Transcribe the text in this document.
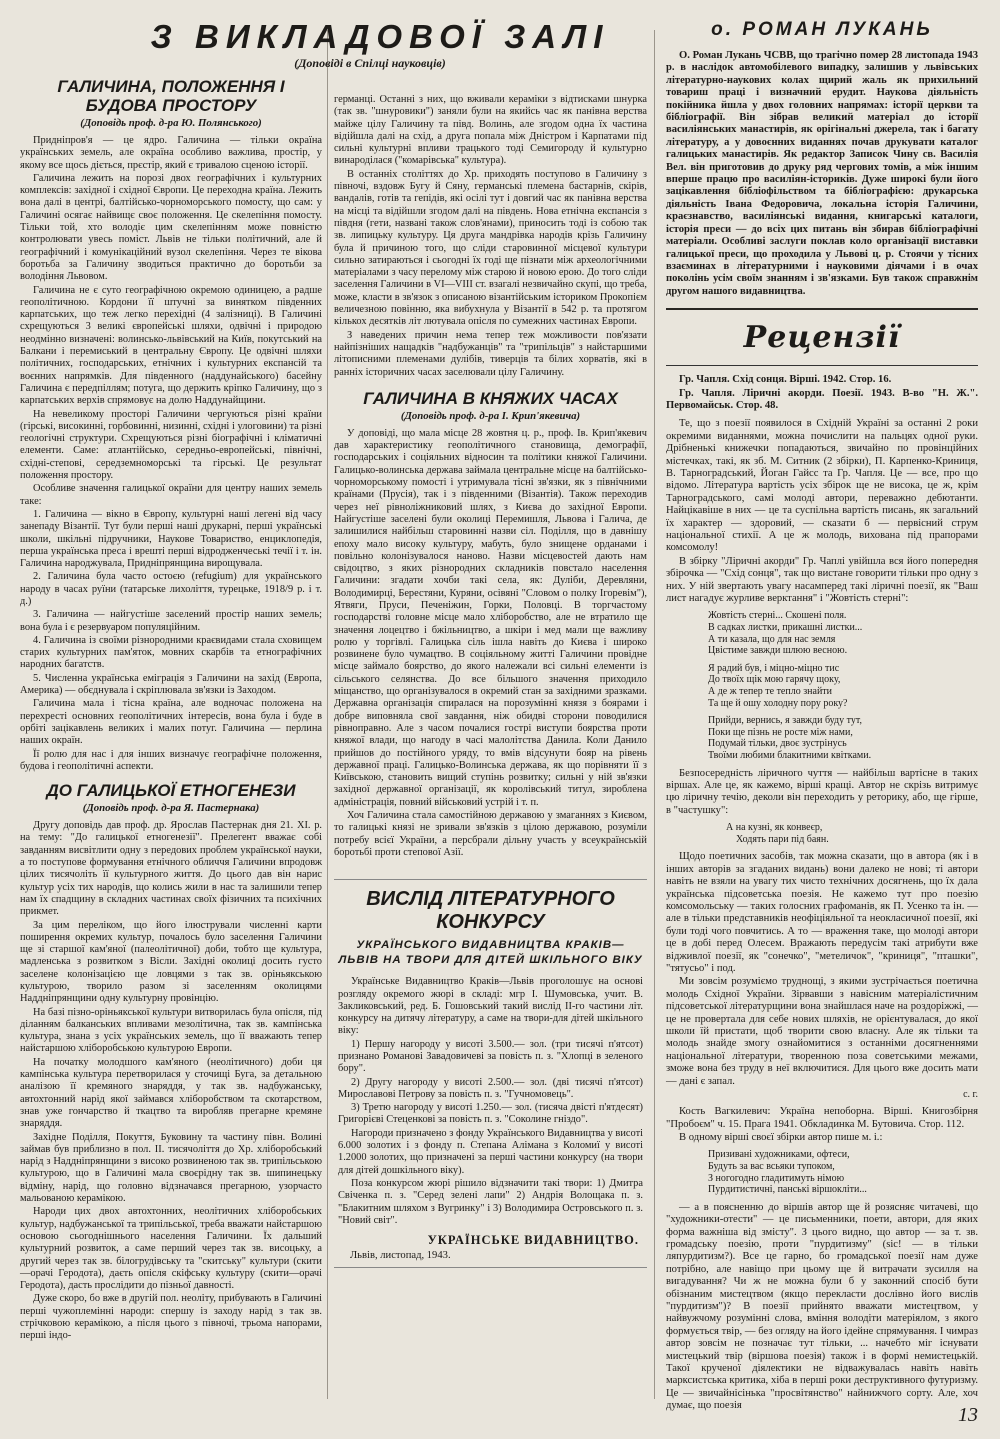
З ВИКЛАДОВОЇ ЗАЛІ
(Доповіді в Спілці науковців)
ГАЛИЧИНА, ПОЛОЖЕННЯ І БУДОВА ПРОСТОРУ
(Доповідь проф. д-ра Ю. Полянського)

Придніпров'я — це ядро. Галичина — тільки окраїна українських земель, але окраїна особливо важлива, простір, у якому все щось діється, прєстір, який є тривалою сценою історії.

Галичина лежить на порозі двох географічних і культурних комплексів: західної і східної Європи. Це переходна країна. Лежить вона далі в центрі, балтійсько-чорноморського помосту, що сам: у Галичині осягає найвищє своє положення. Це скелепіння помосту. Тільки той, хто володіє цим скелепінням може повністю контролювати увесь поміст. Львів не тільки політичний, але й географічний і комунікаційний вузол скелепіння. Через те вікова боротьба за Галичину зводиться практично до боротьби за володіння Львовом.

Галичина не є суто географічною окремою одиницею, а радше геополітичною. Кордони її штучні за винятком південних карпатських, що теж легко перехідні (4 залізниці). В Галичині схрещуються 3 великі європейські шляхи, одвічні і природою неодмінно визначені: волинсько-львівський на Київ, покутський на Балкани і перемиський в центральну Європу. Це одвічні шляхи політичних, господарських, етнічних і культурних експансій та воєнних напрямків. Для південного (наддунайського) басейну Галичина є передпіллям; потуга, що держить кріпко Галичину, що з карпатських верхів спрямовує на долю Наддунайщини.

На невеликому просторі Галичини чергуються різні країни (гірські, високинні, горбовинні, низинні, східні і улоговини) та різні геологічні структури. Схрещуються різні біогрaфічні і кліматичні елементи. Саме: атлантійсько, середньо-европейські, північні, східні-степові, середземноморські та гірські. Це результат положення простору.

Особливе значення галицької окраїни для центру наших земель таке:

1. Галичина — вікно в Європу, культурні наші легені від часу занепаду Візантії. Тут були перші наші друкарні, перші українські школи, шкільні підручники, Наукове Товариство, енциклопедія, перша українська преса і врешті перші відродженчеські течії і т. ін. Галичина народжувала, Придніпрянщина вирощувала.

2. Галичина була часто остоєю (refugium) для українського народу в часах руїни (татарське лихоліття, турецьке, 1918/9 р. і т. д.)

3. Галичина — найгустіше заселений простір наших земель; вона була і є резервуаром популяційним.

4. Галичина із своїми різнородними краєвидами стала сховищем старих культурних пам'яток, мовних скарбів та етнографічних народних багатств.

5. Численна українська еміграція з Галичини на захід (Европа, Америка) — обєднувала і скріплювала зв'язки із Заходом.

Галичина мала і тісна країна, але водночас положена на перехресті основних геополітичних інтересів, вона була і буде в орбіті зацікавлень великих і малих потуг. Галичина — перлина наших окраїн.

Її ролю для нас і для інших визначує географічне положення, будова і геополітичні аспекти.

ДО ГАЛИЦЬКОЇ ЕТНОГЕНЕЗИ
(Доповідь проф. д-ра Я. Пастернака)

Другу доповідь дав проф. др. Ярослав Пастернак дня 21. XI. р. на тему: "До галицької етногенезії". Прелегент вважає собі завданням висвітлити одну з передових проблем української науки, а то поступове формування етнічного обличчя Галичини впродовж цілих тисячоліть її культурного життя. До цього дав він нарис культур усіх тих народів, що колись жили в нас та залишили тепер нам їх спадщину в складних частинах своїх фізичних та психічних прикмет.

За цим переліком, що його ілюстрували численні карти поширення окремих культур, почалось було заселення Галичини ще зі старшої кам'яної (палеолітичної) доби, тобто ще культура, мадленська з розвитком з Вісли. Західні околиці досить густо заселене колонізацією ще ловцями з так зв. оріньякською культурою, творило разом зі заселенням околицями Наддніпрянщини одну культурну провінцію.

На базі пізно-оріньякської культури витворилась була опісля, під діланням балканських впливами мезолітична, так зв. кампінська культура, знана з усіх українських земель, що її вважають тепер найстаршою хліборобською культурою Европи.

На початку молодшого кам'яного (неолітичного) доби ця кампінська культура перетворилася у сточищі Буга, за детальною аналізою її кремяного знаряддя, у так зв. надбужанську, автохтонний нарід якої займався хліборобством та скотарством, знав уже гончарство й ткацтво та виробляв прегарне кремяне знаряддя.

Західне Поділля, Покуття, Буковину та частину півн. Волині займав був приблизно в пол. II. тисячоліття до Хр. хліборобський нарід з Наддніпрянщини з високо розвиненою так зв. трипільською культурою, що в Галичині мала своєрідну так зв. шипинецьку відміну, нарід, що головно відзначався прегарною, узорчасто мальованою керамікою.

Народи цих двох автохтонних, неолітичних хліборобських культур, надбужанської та трипільської, треба вважати найстаршою основою сьогоднішнього населення Галичини. Їх дальший культурний розвиток, а саме перший через так зв. висоцьку, а другий через так зв. білогрудівську та "скитську" культури (скити—орачі Геродота), даєть опісля скіфську культуру (скити—орачі Геродота), дасть прослідити до пізньої давності.

Дуже скоро, бо вже в другій пол. неоліту, прибувають в Галичині перші чужоплемінні народи: спершу із заходу нарід з так зв. стрічковою керамікою, а після цього з півночі, трьома напорами, перші індо-

германці. Останні з них, що вживали кераміки з відтисками шнурка (так зв. "шнуровики") заняли були на якийсь час як панівна верства майже цілу Галичину та півд. Волинь, але згодом одна їх частина відійшла далі на схід, а друга попала між Дністром і Карпатами під сильні культурні впливи трацького тоді Семигороду й культурно винароділася ("комарівська" культура).

В останніх століттях до Хр. приходять поступово в Галичину з півночі, вздовж Бугу й Сяну, германські племена бастарнів, скірів, вандалів, готів та гепідів, які осілі тут і довгий час як панівна верства на місці та відійшли згодом далі на південь. Нова етнічна експансія з півдня (гети, названі також слов'янами), приносить тоді із собою так зв. липицьку культуру. Ця друга мандрівка народів крізь Галичину була й причиною того, що сліди старовинної місцевої культури сильно затираються і сьогодні їх годі ще пізнати між археологічними матеріалами з часу перелому між старою й новою ерою. До того сліди заселення Галичини в VI—VIII ст. взагалі незвичайно скупі, що треба, може, класти в зв'язок з описаною візантійським істориком Прокопієм величезною повінню, яка вибухнула у Візантії в 542 р. та протягом кількох десятків літ лютувала опісля по сумежних частинах Европи.

З наведених причин нема тепер теж можливости пов'язати найпізніших нащадків "надбужанців" та "трипільців" з найстаршими літописними племенами дулібів, тиверців та білих хорватів, які в ранніх історичних часах заселювали цілу Галичину.

ГАЛИЧИНА В КНЯЖИХ ЧАСАХ
(Доповідь проф. д-ра І. Крип'якевича)

У доповіді, що мала місце 28 жовтня ц. р., проф. Ів. Крип'якевич дав характеристику геополітичного становища, демографії, господарських і соціяльних відносин та політики княжої Галичини. Галицько-волинська держава займала центральне місце на балтійсько-чорноморському помості і утримувала тісні зв'язки, як з північними країнами (Прусія), так і з південними (Візантія). Також переходив через неї рівноліжниковий шлях, з Києва до західної Европи. Найгустіше заселені були околиці Перемишля, Львова і Галича, де залишилися найбільш старовинні назви сіл. Поділля, що в давнішу епоху мало високу культуру, мабуть, було знищене орданами і повільно колонізувалося наново. Назви місцевостей дають нам свідоцтво, з яких різнородних складників повстало населення Галичини: згадати хочби такі села, як: Дуліби, Деревляни, Володимирці, Берестяни, Куряни, осівяні "Словом о полку Ігоревім"), Ятвяги, Пруси, Печеніжин, Горки, Половці. В торгчастому господарстві головне місце мало хліборобство, але не втратило ще значення лоцецтво і бжільництво, а шкіри і мед мали ще важливу ролю у торгівлі. Галицька сіль ішла навіть до Києва і широко розвинене було чумацтво. В соціяльному житті Галичини провідне місце займало боярство, до якого належали всі сильні елементи із сільського селянства. До все більшого значення приходило міщанство, що організувалося в окремий стан за західними зразками. Державна організація спиралася на порозумінні князя з боярами і добре виповняла свої завдання, ніж обидві сторони поводилися рівноправно. Але з часом почалися гострі виступи боярства проти княжої влади, що нагоду в часі малолітства Данила. Коли Данило прийшов до постійного уряду, то вмів відсунути бояр на рівень державної праці. Галицько-Волинська держава, як що порівняти її з Київською, становить вищий ступінь розвитку; сильні у ній зв'язки західної державної організації, як королівський титул, зироблена адміністрація, повний військовий устрій і т. п.

Хоч Галичина стала самостійною державою у змаганнях з Києвом, то галицькі князі не зривали зв'язків з цілою державою, розуміли потребу всієї України, а персбрали дільну участь у всеукраїнській боротьбі проти степової Азії.

ВИСЛІД ЛІТЕРАТУРНОГО КОНКУРСУ
УКРАЇНСЬКОГО ВИДАВНИЦТВА КРАКІВ—ЛЬВІВ НА ТВОРИ ДЛЯ ДІТЕЙ ШКІЛЬНОГО ВІКУ

Українське Видавництво Краків—Львів проголошує на основі розгляду окремого жюрі в складі: мгр І. Шумовська, учит. В. Закликовський, ред. Б. Гошовський такий вислід II-го частини літ. конкурсу на дитячу літературу, а саме на твори-для дітей шкільного віку:

1) Першу нагороду у висоті 3.500.— зол. (три тисячі п'ятсот) признано Романові Завадовичеві за повість п. з. "Хлопці в зеленого бору".

2) Другу нагороду у висоті 2.500.— зол. (дві тисячі п'ятсот) Мирославові Петрову за повість п. з. "Гучномовець".

3) Третю нагороду у висоті 1.250.— зол. (тисяча двісті п'ятдесят) Григорієві Стеценкові за повість п. з. "Соколине гніздо".

Нагороди призначено з фонду Українського Видавництва у висоті 6.000 золотих і з фонду п. Степана Алімана з Коломиї у висоті 1.2000 золотих, що призначені за перші частини конкурсу (на твори для дітей дошкільного віку).

Поза конкурсом жюрі рішило відзначити такі твори: 1) Дмитра Свіченка п. з. "Серед зелені лапи" 2) Андрія Волощака п. з. "Блакитним шляхом з Вугринку" і 3) Володимира Островського п. з. "Новий світ".

УКРАЇНСЬКЕ ВИДАВНИЦТВО.
Львів, листопад, 1943.
о. РОМАН ЛУКАНЬ

О. Роман Лукань ЧСВВ, що трагічно помер 28 листопада 1943 р. в наслідок автомобілевого випадку, залишив у львівських літературно-наукових колах щирий жаль як прихильний товариш праці і визначний ерудит. Наукова діяльність покійника йшла у двох головних напрямах: історії церкви та бібліографії. Він зібрав великий матеріал до історії василіянських манастирів, як орігінальні джерела, так і багату літературу, а у довоєнних виданнях почав друкувати каталог галицьких манастирів. Як редактор Записок Чину св. Василія Вел. він приготовив до друку ряд чергових томів, а між іншим вперше працю про василіян-істориків. Дуже широкі були його зацікавлення бібліофільством та бібліографією: друкарська діяльність Івана Федоровича, локальна історія Галичини, краєзнавство, василіянські видання, книгарські каталоги, історія преси — до всіх цих питань він збирав бібліографічні матеріали. Особливі заслуги поклав коло організації виставки галицької преси, що проходила у Львові ц. р. Стоячи у тісних взаєминах в літературними і науковими діячами і в очах поколінь усім своїм знанням і зв'язками. Був також справжнім другом нашого видавництва.

Рецензії

Гр. Чапля. Схід сонця. Вірші. 1942. Стор. 16.

Гр. Чапля. Ліричні акорди. Поезії. 1943. В-во "Н. Ж.". Первомайськ. Стор. 48.

Те, що з поезії появилося в Східній Україні за останні 2 роки окремими виданнями, можна почислити на пальцях одної руки. Дрібненькі книжечки попадаються, звичайно по провінційних містечках, такі, як зб. М. Ситник (2 збірки), П. Карпенко-Криниця, В. Тарноградський, Йоган Гайсс та Гр. Чапля. Це — все, про що відомо. Література вартість усіх збірок ще не висока, це ж, крім Тарноградського, самі молоді автори, переважно дебютанти. Найцікавіше в них — це та суспільна вартість писань, як загальний їх характер — здоровий, — сказати б — первісний струм національної стихії. А це ж молодь, вихована під прапорами комсомолу!

В збірку "Ліричні акорди" Гр. Чаплі увійшла вся його попередня збірочка — "Схід сонця", так що вистане говорити тільки про одну з них. У ній звертають увагу насамперед такі ліричні поезії, як "Ваш лист нагадує журливе верктання" і "Жовтість стерні":

Жовтість стерні... Скошені поля.
В садках листки, прикашні листки...
А ти казала, що для нас земля
Цвістиме завжди шлюю весною.
Я радий був, і міцно-міцно тис
До твоїх щік мою гарячу щоку,
А де ж тепер те тепло знайти
Та ще й ошу холодну пору року?
Прийди, вернись, я завжди буду тут,
Поки ще пізнь не росте між нами,
Подумай тільки, двоє зустрінусь
Твоїми любими блакитними квітками.

Безпосередність ліричного чуття — найбільш вартісне в таких віршах. Але це, як кажемо, вірші кращі. Автор не скрізь витримує цю ліричну течію, деколи він переходить у реторику, або, ще гірше, в "частушку":

А на кузні, як конвеєр,
Ходять пари під баян.

Щодо поетичних засобів, так можна сказати, що в автора (як і в інших авторів за згаданих видань) вони далеко не нові; ті автори навіть не взяли на увагу тих чисто технічних досягнень, що їх дала українська підсоветська поезія. Не кажемо тут про поезію комсомольську — таких голосних графоманів, як П. Усенко та ін. — але в тільки представників неофіціяльної та неокласичної поезії, які були тоді чого повчитись. А то — враження таке, що молоді автори це в добі перед Олесем. Вражають передусім такі атрибути вже відживлої поезії, як "сонечко", "метеличок", "криниця", "пташки", "тятусьо" і под.

Ми зовсім розуміємо труднощі, з якими зустрічається поетична молодь Східної України. Зірвавши з навісним матеріалістичним підсоветської літературщини вона знайшлася наче на роздоріжжі, — це не провертала для себе нових шляхів, не орієнтувалася, до якої школи їй пристати, щоб творити свою власну. Але як тільки та молодь знайде змогу ознайомитися з останніми досягненнями національної літератури, творенною поза советськими межами, зможе вона без труду в неї включитися. Для цього вже досить мати — дані є запал.

с. г.

Кость Вагкилевич: Україна непоборна. Вірші. Книгозбірня "Пробоєм" ч. 15. Прага 1941. Обкладинка М. Бутовича. Стор. 112.

В одному вірші своєї збірки автор пише м. і.:

Призивані художниками, офтеси,
Будуть за вас всьяки тупоком,
З ногогодно гладитимуть німою
Пурдитистичні, панські віршокліти...

— а в поясненню до віршів автор ще й розясняє читачеві, що "художники-отести" — це письменники, поети, автори, для яких форма важніша від змісту". З цього видно, що автор — за т. зв. громадську поезію, проти "пурдитизму" (sic! — в тільки ляпурдитизм?). Все це гарно, бо громадської поезії нам дуже потрібно, але навіщо при цьому ще й витрачати зусилля на вигадування? Чи ж не можна були б у законний спосіб бути обізнаним мистецтвом (якщо перекласти дослівно його вислів "пурдитизм")? В поезії прийнято вважати мистецтвом, у найвужчому розумінні слова, вміння володіти матеріялом, з якого формується твір, — без огляду на його ідейне спрямування. І чимраз автор зовсім не позначає тут тільки, ... начебто міг існувати мистецький твір (віршова поезія) також і в формі немистецькій. Такої крученої діялектики не відважувалась навіть навіть марксистська критика, хіба в перші роки деструктивного футуризму. Це — звичайнісінька "просвітянство" найнижчого сорту. Але, хоч думає, що поезія	13
